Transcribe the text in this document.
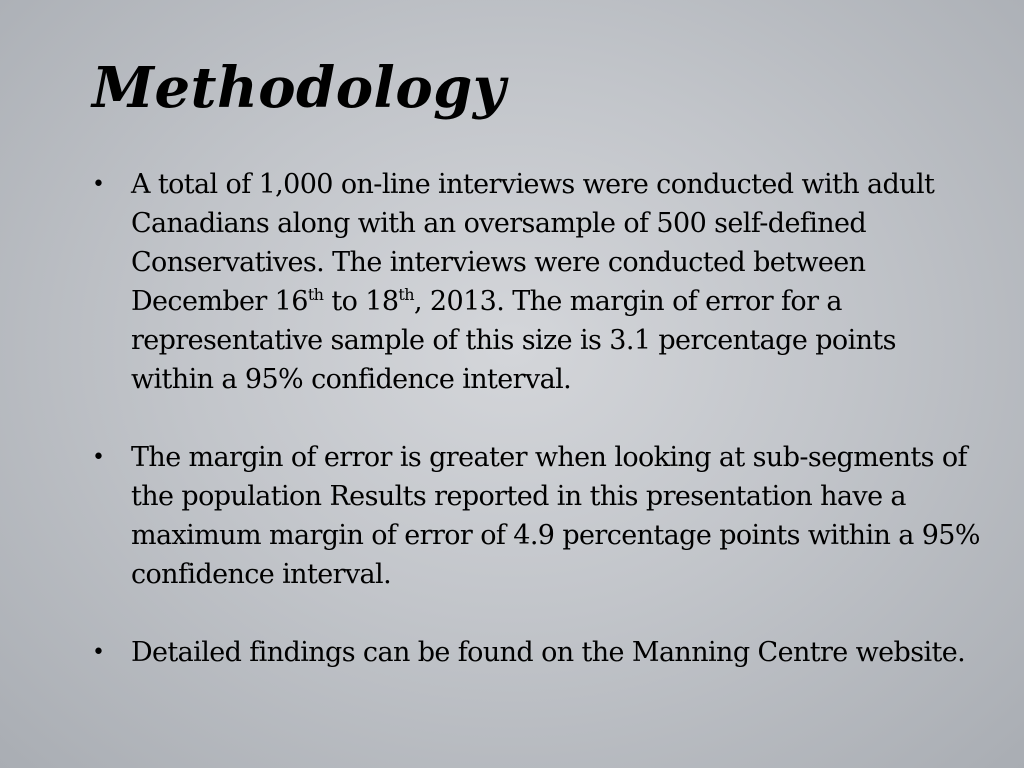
Methodology
• A total of 1,000 on-line interviews were conducted with adult Canadians along with an oversample of 500 self-defined Conservatives. The interviews were conducted between December 16th to 18th, 2013. The margin of error for a representative sample of this size is 3.1 percentage points within a 95% confidence interval.
• The margin of error is greater when looking at sub-segments of the population Results reported in this presentation have a maximum margin of error of 4.9 percentage points within a 95% confidence interval.
• Detailed findings can be found on the Manning Centre website.
